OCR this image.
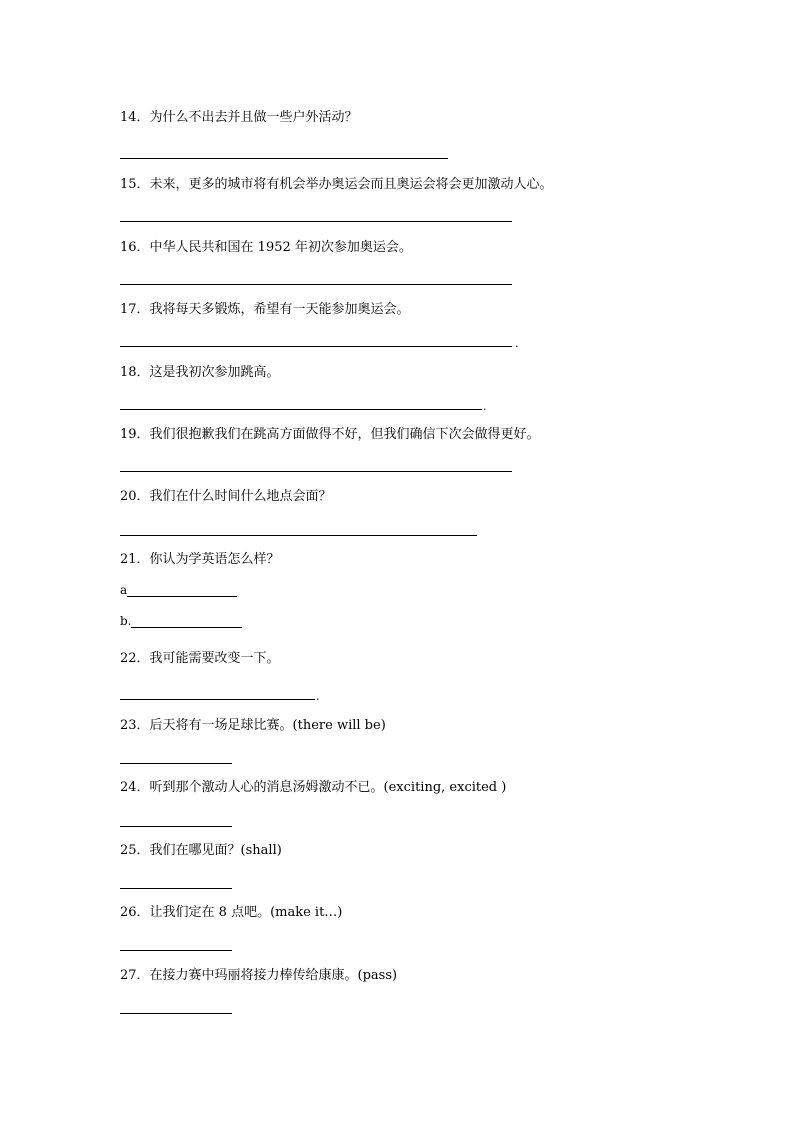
14．为什么不出去并且做一些户外活动？
15．未来，更多的城市将有机会举办奥运会而且奥运会将会更加激动人心。
16．中华人民共和国在 1952 年初次参加奥运会。
17．我将每天多锻炼，希望有一天能参加奥运会。
.
18．这是我初次参加跳高。
.
19．我们很抱歉我们在跳高方面做得不好，但我们确信下次会做得更好。
20．我们在什么时间什么地点会面？
21．你认为学英语怎么样？
a
b.
22．我可能需要改变一下。
.
23．后天将有一场足球比赛。(there will be)
24．听到那个激动人心的消息汤姆激动不已。(exciting, excited )
25．我们在哪见面？(shall)
26．让我们定在 8 点吧。(make it…)
27．在接力赛中玛丽将接力棒传给康康。(pass)
